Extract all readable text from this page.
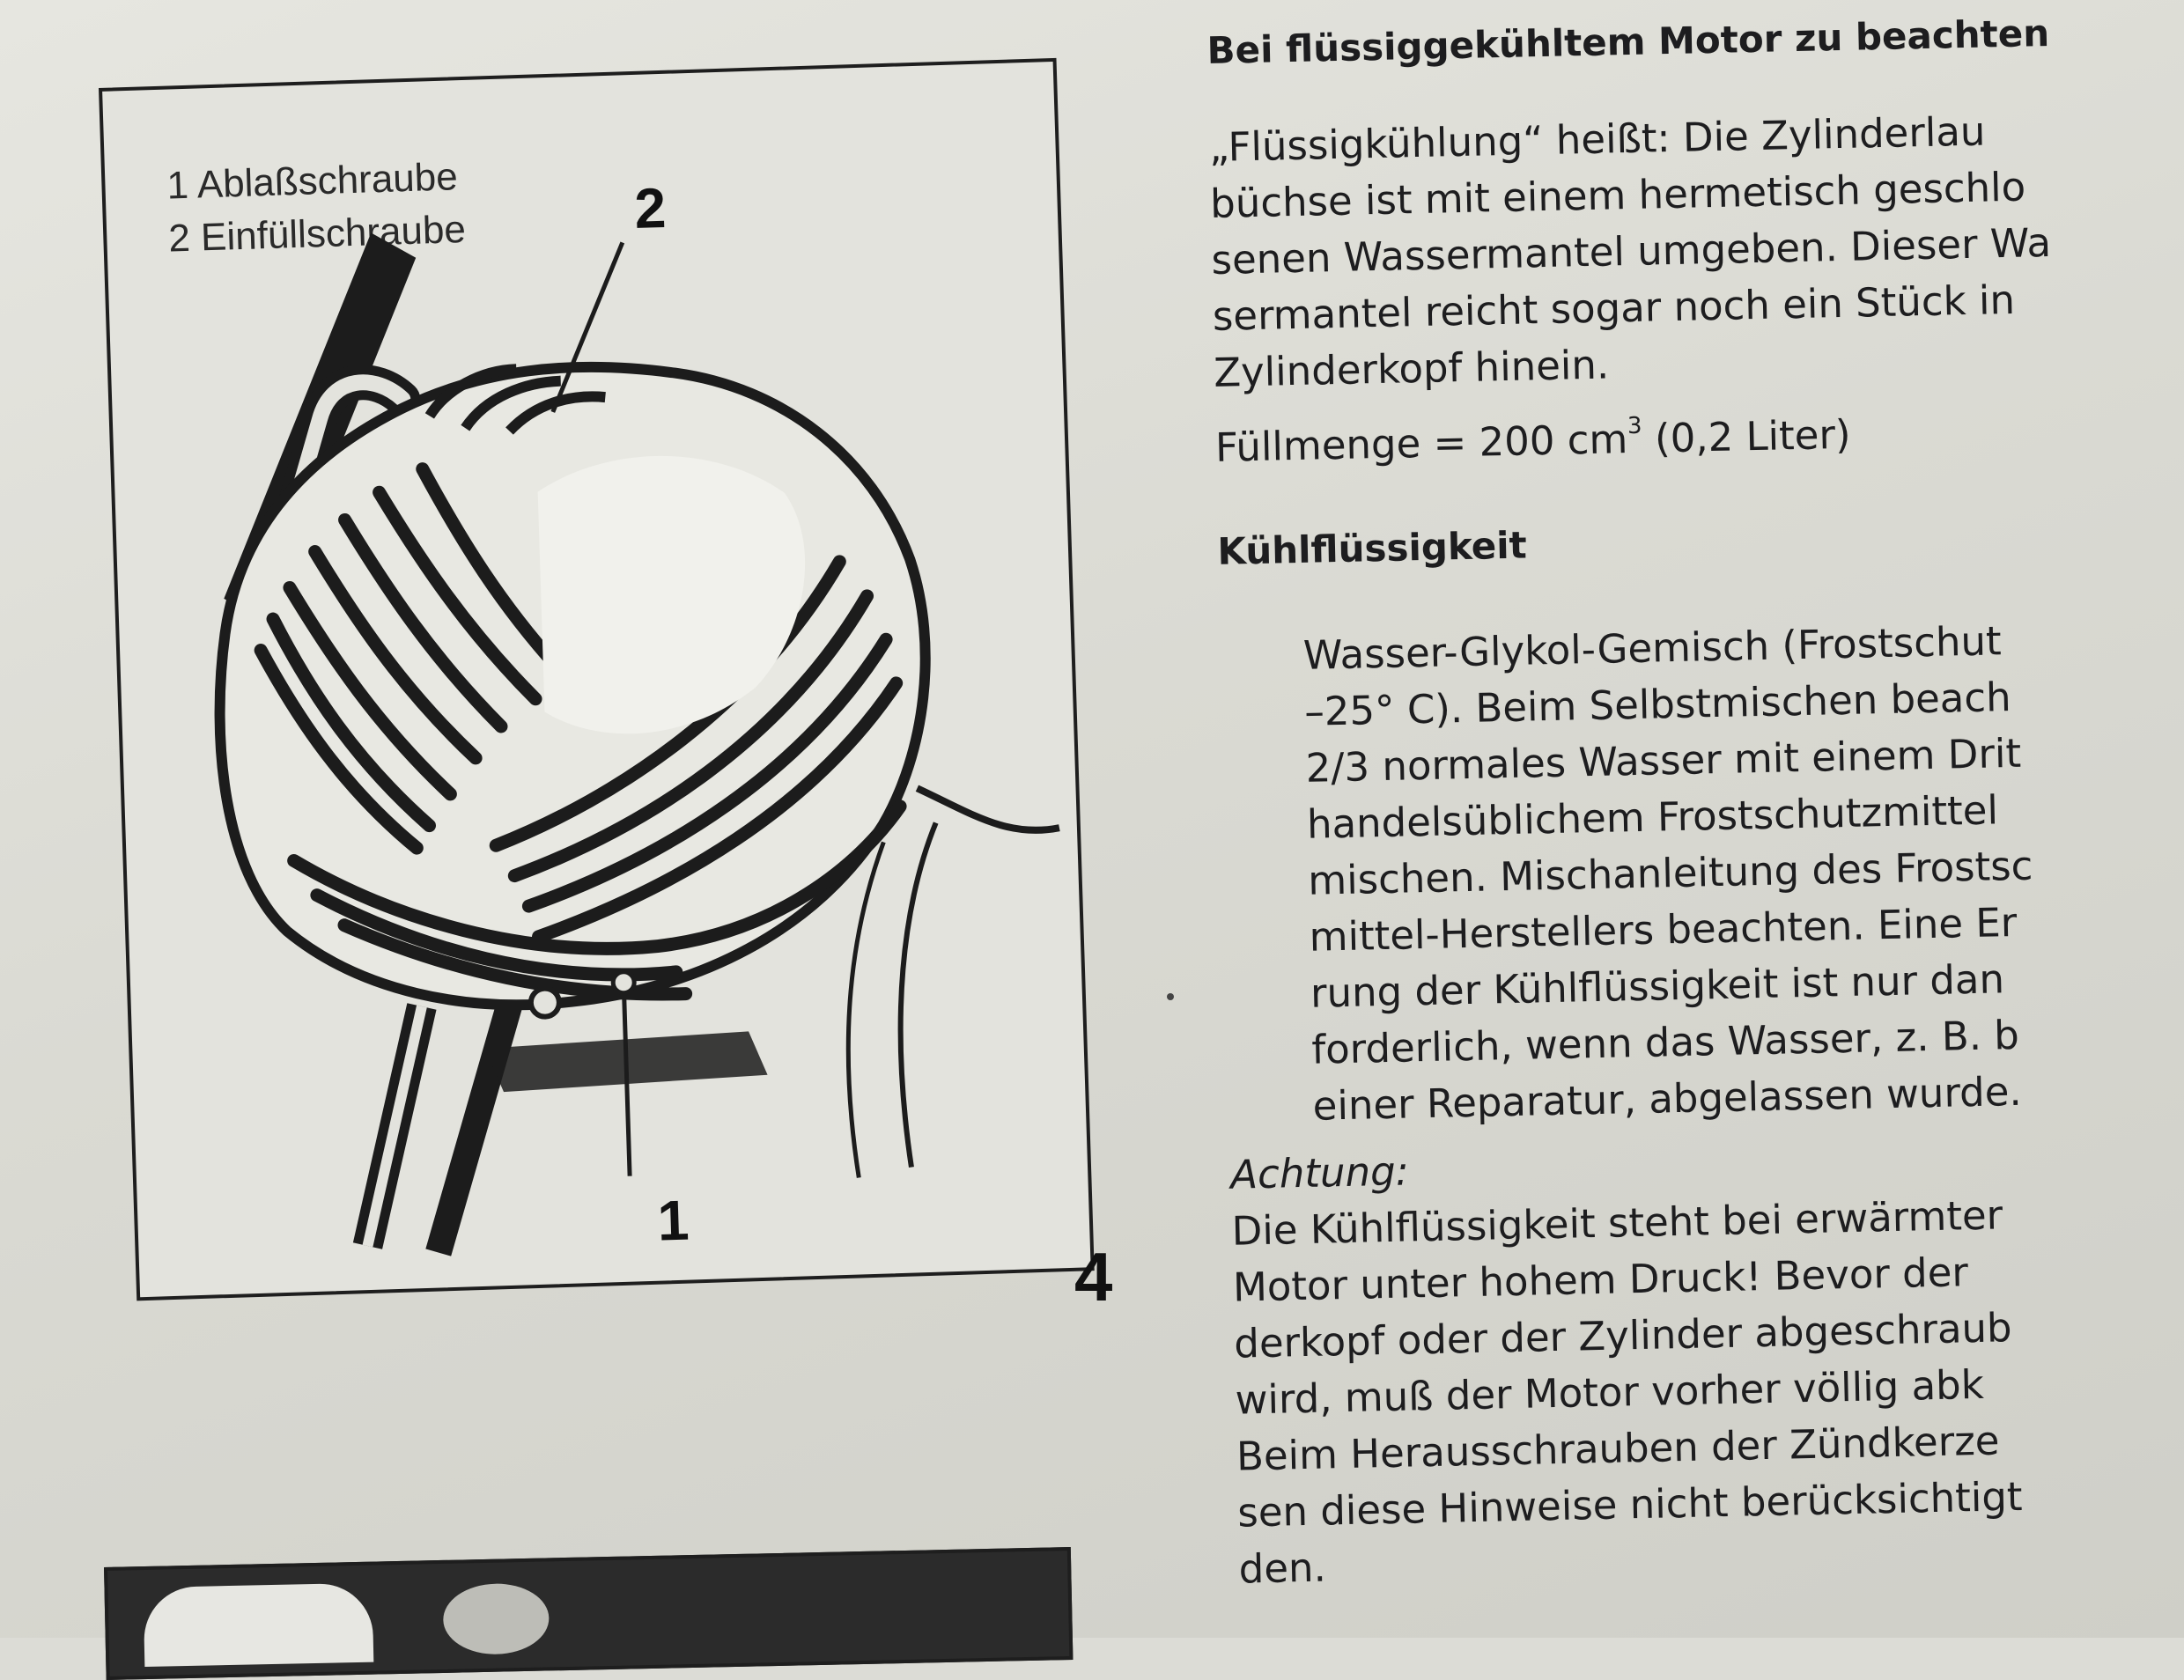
1 Ablaßschraube
2 Einfüllschraube	2
1
4
Bei flüssiggekühltem Motor zu beachten

„Flüssigkühlung“ heißt: Die Zylinderlau

büchse ist mit einem hermetisch geschlo

senen Wassermantel umgeben. Dieser Wa

sermantel reicht sogar noch ein Stück in

Zylinderkopf hinein.

Füllmenge = 200 $cm^3$ (0,2 Liter)

Kühlflüssigkeit

Wasser-Glykol-Gemisch (Frostschut

–25° C). Beim Selbstmischen beach

2/3 normales Wasser mit einem Drit

handelsüblichem Frostschutzmittel

mischen. Mischanleitung des Frostsc

mittel-Herstellers beachten. Eine Er

rung der Kühlflüssigkeit ist nur dan

forderlich, wenn das Wasser, z. B. b

einer Reparatur, abgelassen wurde.

Achtung:

Die Kühlflüssigkeit steht bei erwärmter

Motor unter hohem Druck! Bevor der

derkopf oder der Zylinder abgeschraub

wird, muß der Motor vorher völlig abk

Beim Herausschrauben der Zündkerze

sen diese Hinweise nicht berücksichtigt

den.
